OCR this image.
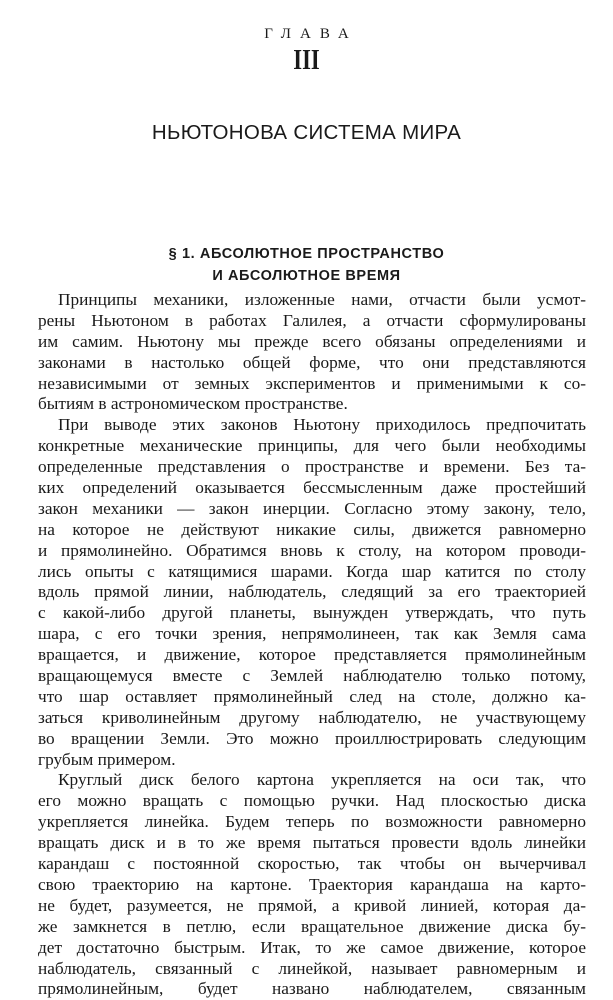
ГЛАВА
III
НЬЮТОНОВА СИСТЕМА МИРА
§ 1. АБСОЛЮТНОЕ ПРОСТРАНСТВО
И АБСОЛЮТНОЕ ВРЕМЯ
Принципы механики, изложенные нами, отчасти были усмот-
рены Ньютоном в работах Галилея, а отчасти сформулированы
им самим. Ньютону мы прежде всего обязаны определениями и
законами в настолько общей форме, что они представляются
независимыми от земных экспериментов и применимыми к со-
бытиям в астрономическом пространстве.
При выводе этих законов Ньютону приходилось предпочитать
конкретные механические принципы, для чего были необходимы
определенные представления о пространстве и времени. Без та-
ких определений оказывается бессмысленным даже простейший
закон механики — закон инерции. Согласно этому закону, тело,
на которое не действуют никакие силы, движется равномерно
и прямолинейно. Обратимся вновь к столу, на котором проводи-
лись опыты с катящимися шарами. Когда шар катится по столу
вдоль прямой линии, наблюдатель, следящий за его траекторией
с какой-либо другой планеты, вынужден утверждать, что путь
шара, с его точки зрения, непрямолинеен, так как Земля сама
вращается, и движение, которое представляется прямолинейным
вращающемуся вместе с Землей наблюдателю только потому,
что шар оставляет прямолинейный след на столе, должно ка-
заться криволинейным другому наблюдателю, не участвующему
во вращении Земли. Это можно проиллюстрировать следующим
грубым примером.
Круглый диск белого картона укрепляется на оси так, что
его можно вращать с помощью ручки. Над плоскостью диска
укрепляется линейка. Будем теперь по возможности равномерно
вращать диск и в то же время пытаться провести вдоль линейки
карандаш с постоянной скоростью, так чтобы он вычерчивал
свою траекторию на картоне. Траектория карандаша на карто-
не будет, разумеется, не прямой, а кривой линией, которая да-
же замкнется в петлю, если вращательное движение диска бу-
дет достаточно быстрым. Итак, то же самое движение, которое
наблюдатель, связанный с линейкой, называет равномерным и
прямолинейным, будет названо наблюдателем, связанным
